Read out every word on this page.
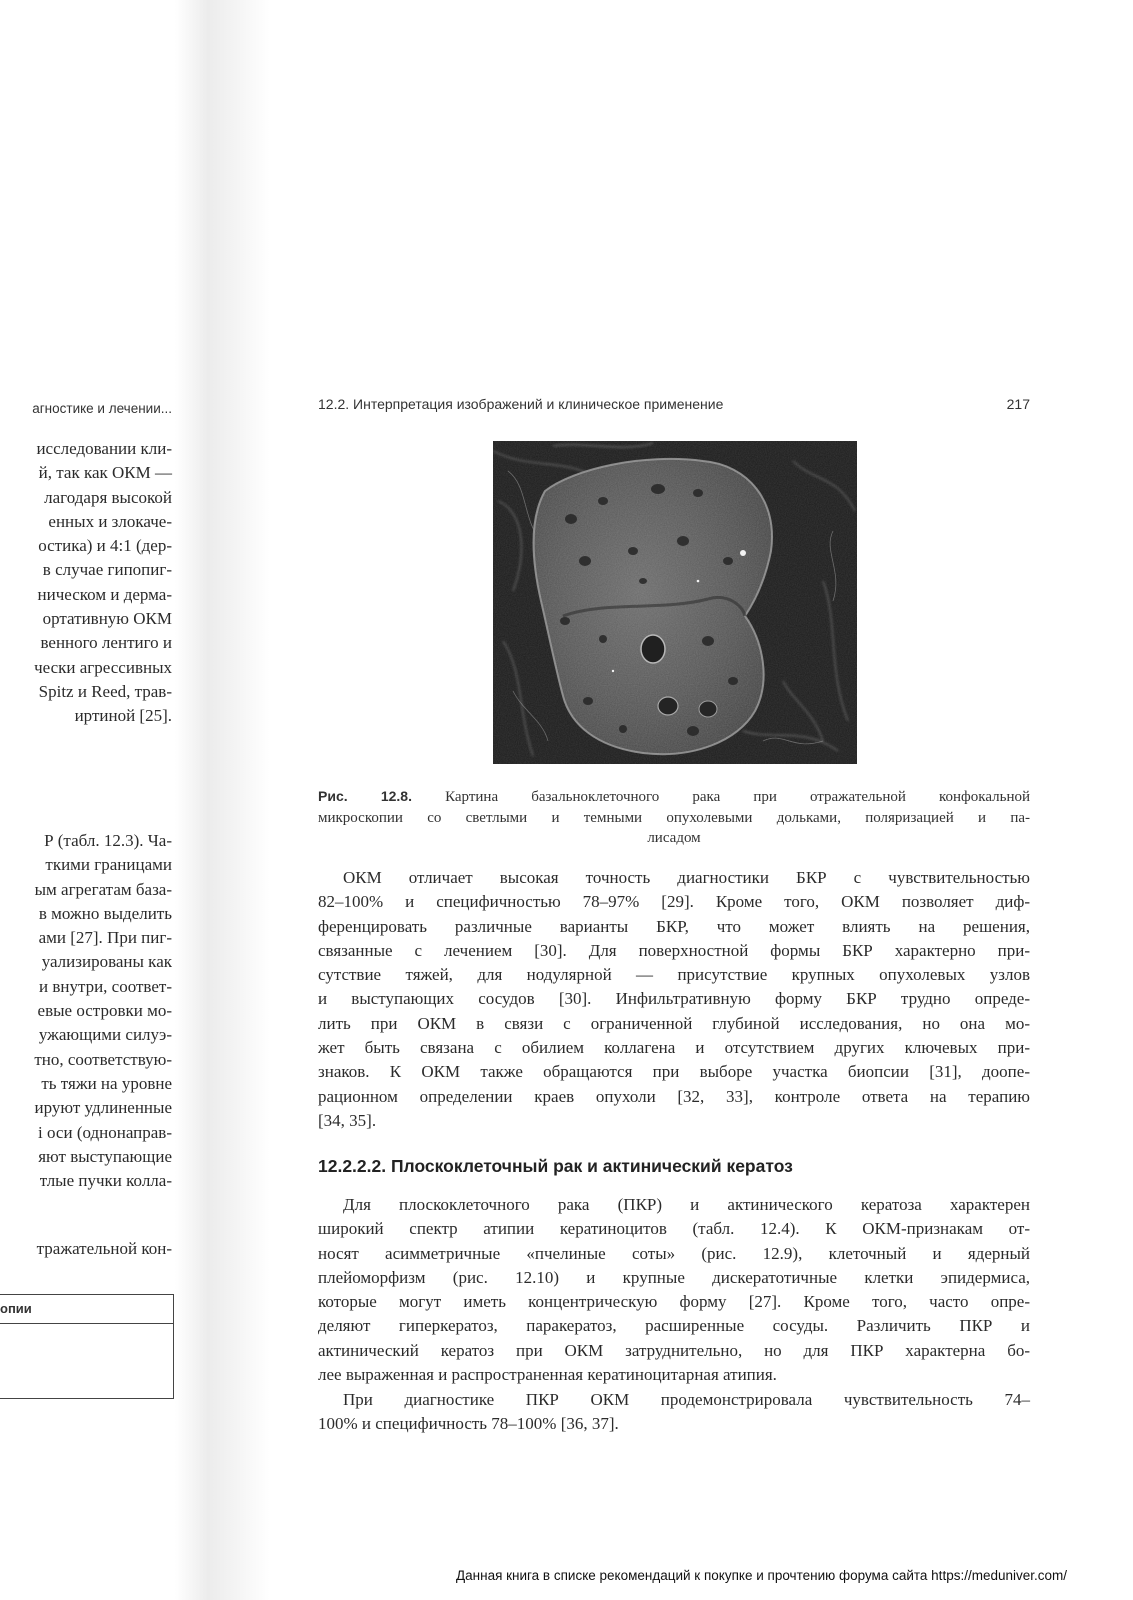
агностике и лечении...
исследовании кли-
й, так как ОКМ —
лагодаря высокой
енных и злокаче-
остика) и 4:1 (дер-
в случае гипопиг-
ническом и дерма-
ортативную ОКМ
венного лентиго и
чески агрессивных
Spitz и Reed, трав-
иртиной [25].
Р (табл. 12.3). Ча-
ткими границами
ым агрегатам база-
в можно выделить
ами [27]. При пиг-
уализированы как
и внутри, соответ-
евые островки мо-
ужающими силуэ-
тно, соответствую-
ть тяжи на уровне
ируют удлиненные
і оси (однонаправ-
яют выступающие
тлые пучки колла-
тражательной кон-
опии
12.2. Интерпретация изображений и клиническое применение	217
Рис. 12.8. Картина базальноклеточного рака при отражательной конфокальной
микроскопии со светлыми и темными опухолевыми дольками, поляризацией и па-
лисадом
ОКМ отличает высокая точность диагностики БКР с чувствительностью
82–100% и специфичностью 78–97% [29]. Кроме того, ОКМ позволяет диф-
ференцировать различные варианты БКР, что может влиять на решения,
связанные с лечением [30]. Для поверхностной формы БКР характерно при-
сутствие тяжей, для нодулярной — присутствие крупных опухолевых узлов
и выступающих сосудов [30]. Инфильтративную форму БКР трудно опреде-
лить при ОКМ в связи с ограниченной глубиной исследования, но она мо-
жет быть связана с обилием коллагена и отсутствием других ключевых при-
знаков. К ОКМ также обращаются при выборе участка биопсии [31], доопе-
рационном определении краев опухоли [32, 33], контроле ответа на терапию
[34, 35].
12.2.2.2. Плоскоклеточный рак и актинический кератоз
Для плоскоклеточного рака (ПКР) и актинического кератоза характерен
широкий спектр атипии кератиноцитов (табл. 12.4). К ОКМ-признакам от-
носят асимметричные «пчелиные соты» (рис. 12.9), клеточный и ядерный
плейоморфизм (рис. 12.10) и крупные дискератотичные клетки эпидермиса,
которые могут иметь концентрическую форму [27]. Кроме того, часто опре-
деляют гиперкератоз, паракератоз, расширенные сосуды. Различить ПКР и
актинический кератоз при ОКМ затруднительно, но для ПКР характерна бо-
лее выраженная и распространенная кератиноцитарная атипия.
При диагностике ПКР ОКМ продемонстрировала чувствительность 74–
100% и специфичность 78–100% [36, 37].
Данная книга в списке рекомендаций к покупке и прочтению форума сайта https://meduniver.com/
